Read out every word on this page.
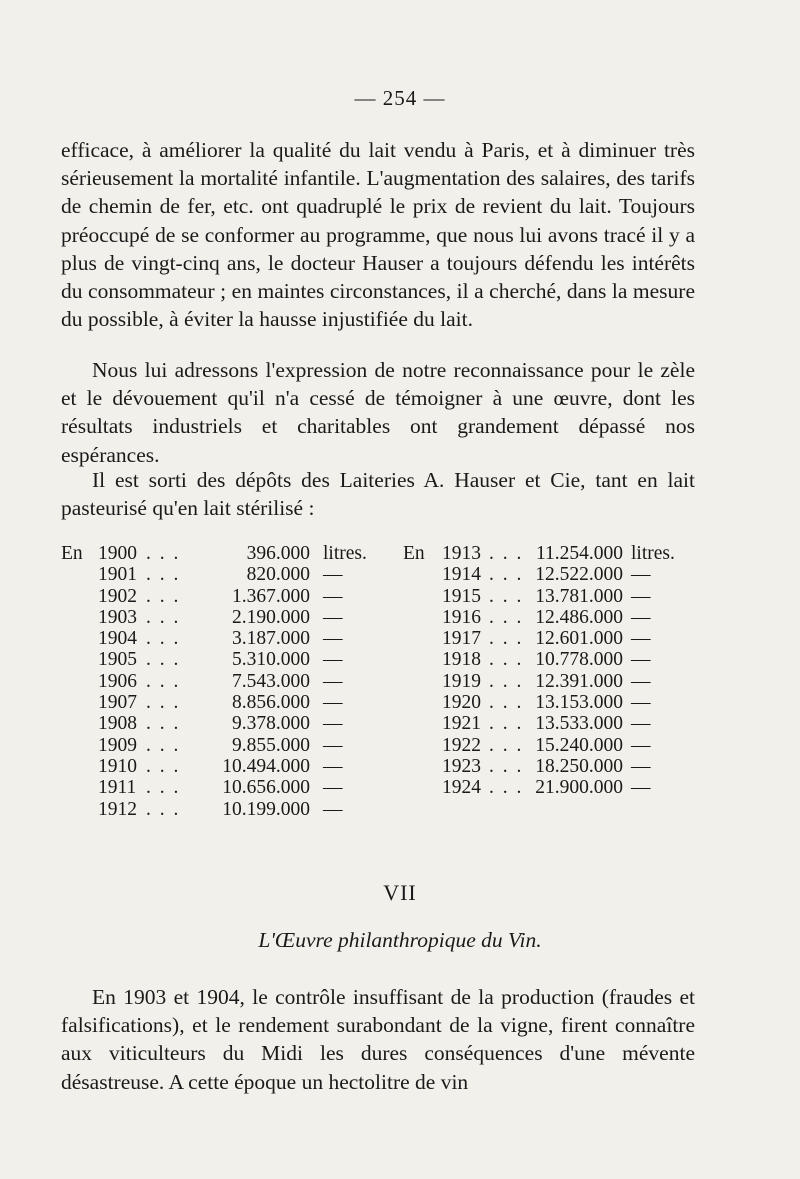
— 254 —

efficace, à améliorer la qualité du lait vendu à Paris, et à diminuer très sérieusement la mortalité infantile. L'augmentation des salaires, des tarifs de chemin de fer, etc. ont quadruplé le prix de revient du lait. Toujours préoccupé de se conformer au programme, que nous lui avons tracé il y a plus de vingt-cinq ans, le docteur Hauser a toujours défendu les intérêts du consommateur ; en maintes circonstances, il a cherché, dans la mesure du possible, à éviter la hausse injustifiée du lait.

Nous lui adressons l'expression de notre reconnaissance pour le zèle et le dévouement qu'il n'a cessé de témoigner à une œuvre, dont les résultats industriels et charitables ont grandement dépassé nos espérances.

Il est sorti des dépôts des Laiteries A. Hauser et Cie, tant en lait pasteurisé qu'en lait stérilisé :

En 1900 . . .	396.000 litres.
1901 . . .	820.000 —
1902 . . .	1.367.000 —
1903 . . .	2.190.000 —
1904 . . .	3.187.000 —
1905 . . .	5.310.000 —
1906 . . .	7.543.000 —
1907 . . .	8.856.000 —
1908 . . .	9.378.000 —
1909 . . .	9.855.000 —
1910 . . . 10.494.000 —
1911 . . . 10.656.000 —
1912 . . . 10.199.000 —
En 1913 . . . 11.254.000 litres.
1914 . . . 12.522.000 —
1915 . . . 13.781.000 —
1916 . . . 12.486.000 —
1917 . . . 12.601.000 —
1918 . . . 10.778.000 —
1919 . . . 12.391.000 —
1920 . . . 13.153.000 —
1921 . . . 13.533.000 —
1922 . . . 15.240.000 —
1923 . . . 18.250.000 —
1924 . . . 21.900.000 —
VII
L'Œuvre philanthropique du Vin.

En 1903 et 1904, le contrôle insuffisant de la production (fraudes et falsifications), et le rendement surabondant de la vigne, firent connaître aux viticulteurs du Midi les dures conséquences d'une mévente désastreuse. A cette époque un hectolitre de vin
